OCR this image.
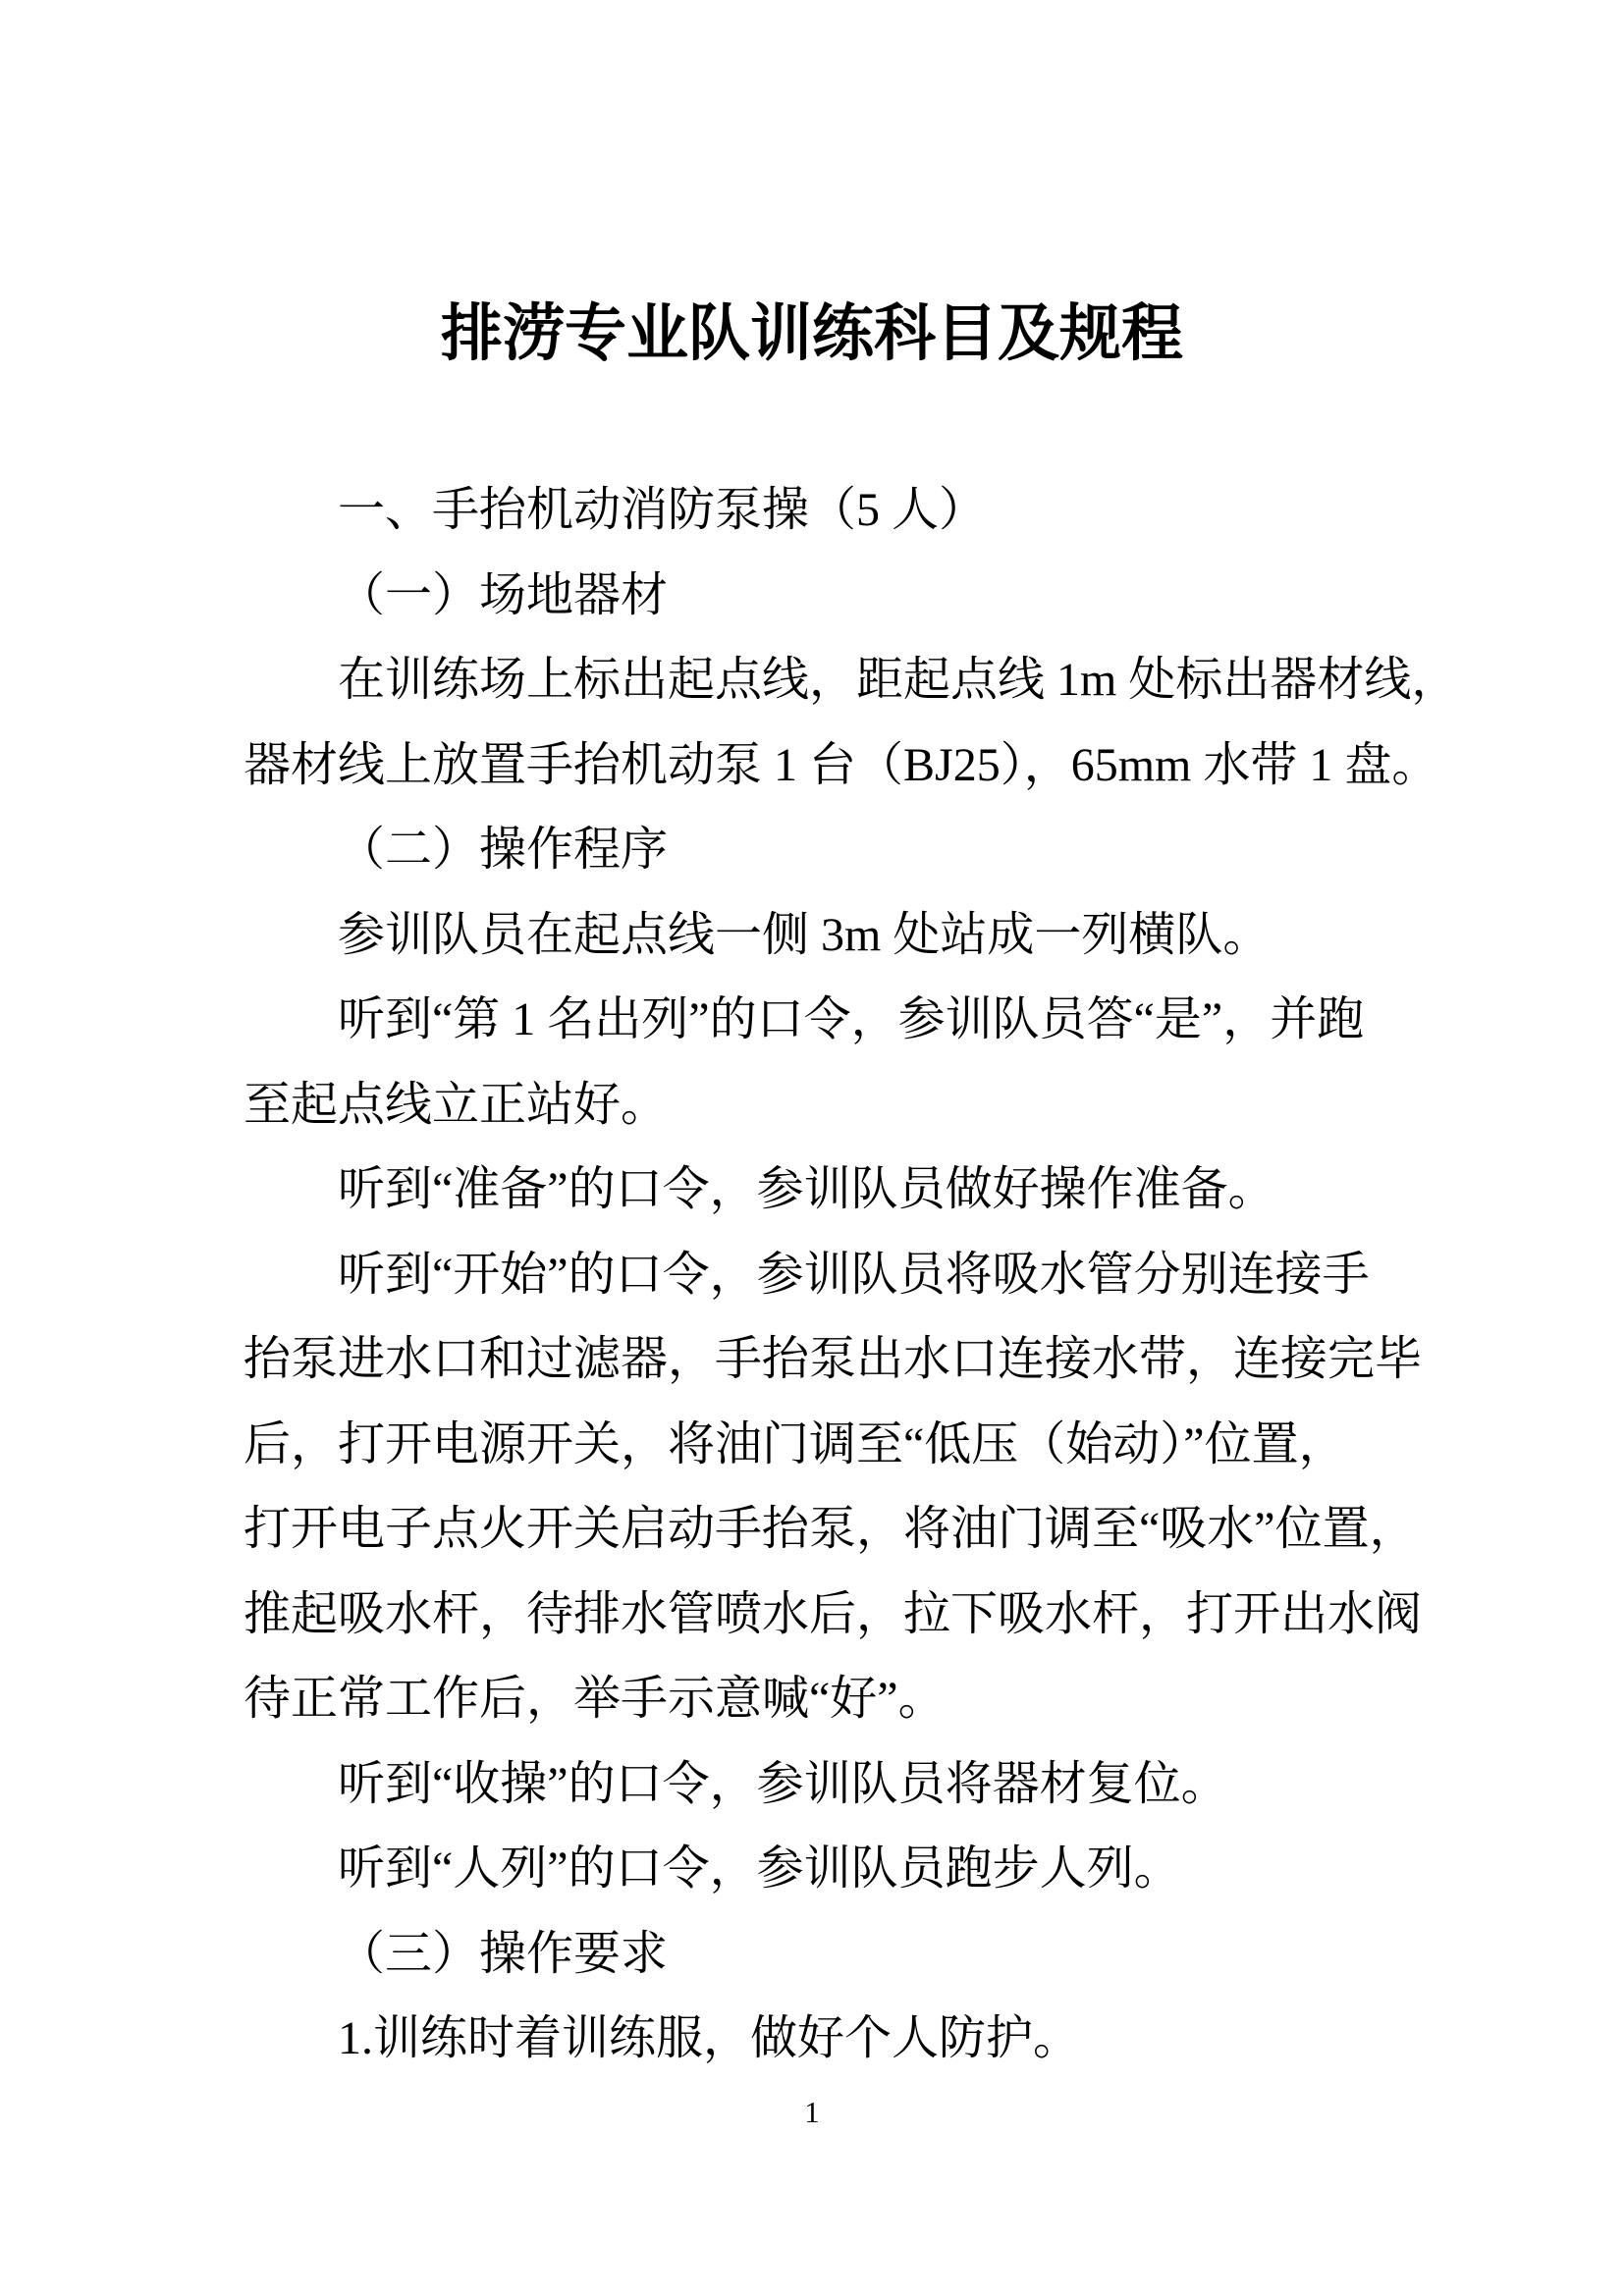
排涝专业队训练科目及规程
一、手抬机动消防泵操（5 人）
（一）场地器材
在训练场上标出起点线，距起点线 1m 处标出器材线，
器材线上放置手抬机动泵 1 台（BJ25），65mm 水带 1 盘。
（二）操作程序
参训队员在起点线一侧 3m 处站成一列横队。
听到“第 1 名出列”的口令，参训队员答“是”，并跑
至起点线立正站好。
听到“准备”的口令，参训队员做好操作准备。
听到“开始”的口令，参训队员将吸水管分别连接手
抬泵进水口和过滤器，手抬泵出水口连接水带，连接完毕
后，打开电源开关，将油门调至“低压（始动）”位置，
打开电子点火开关启动手抬泵，将油门调至“吸水”位置，
推起吸水杆，待排水管喷水后，拉下吸水杆，打开出水阀
待正常工作后，举手示意喊“好”。
听到“收操”的口令，参训队员将器材复位。
听到“人列”的口令，参训队员跑步人列。
（三）操作要求
1.训练时着训练服，做好个人防护。
1
